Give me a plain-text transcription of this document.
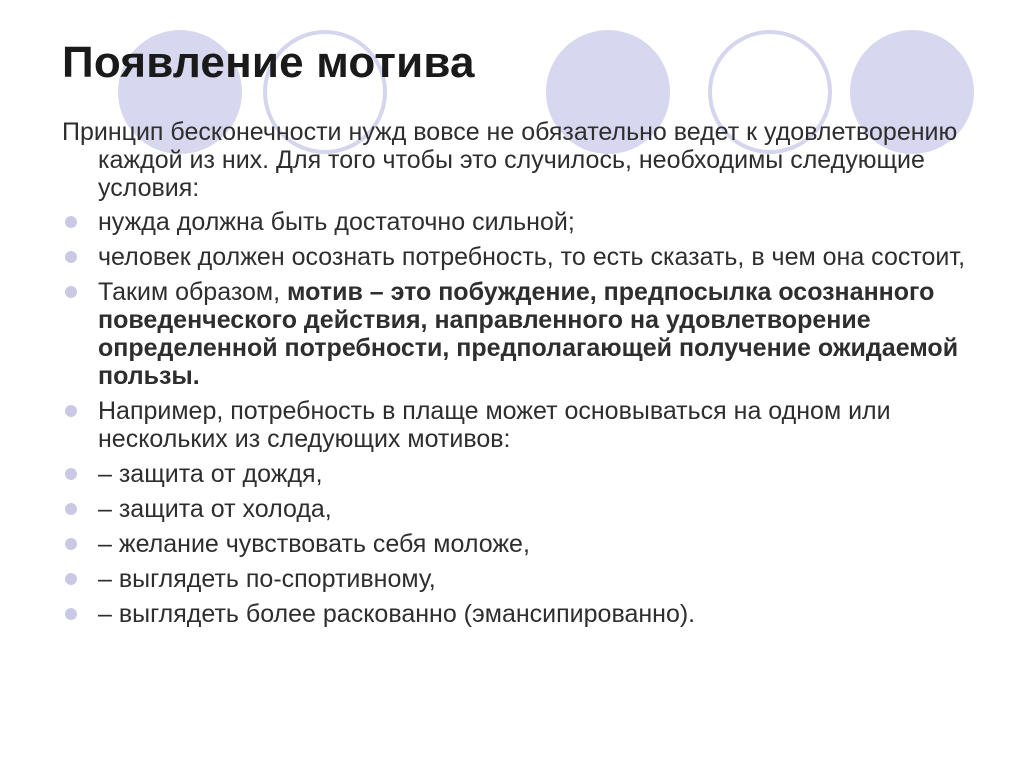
Появление мотива

Принцип бесконечности нужд вовсе не обязательно ведет к удовлетворению каждой из них. Для того чтобы это случилось, необходимы следующие условия:

нужда должна быть достаточно сильной;
человек должен осознать потребность, то есть сказать, в чем она состоит,
Таким образом, мотив – это побуждение, предпосылка осознанного поведенческого действия, направленного на удовлетворение определенной потребности, предполагающей получение ожидаемой пользы.
Например, потребность в плаще может основываться на одном или нескольких из следующих мотивов:
– защита от дождя,
– защита от холода,
– желание чувствовать себя моложе,
– выглядеть по-спортивному,
– выглядеть более раскованно (эмансипированно).
